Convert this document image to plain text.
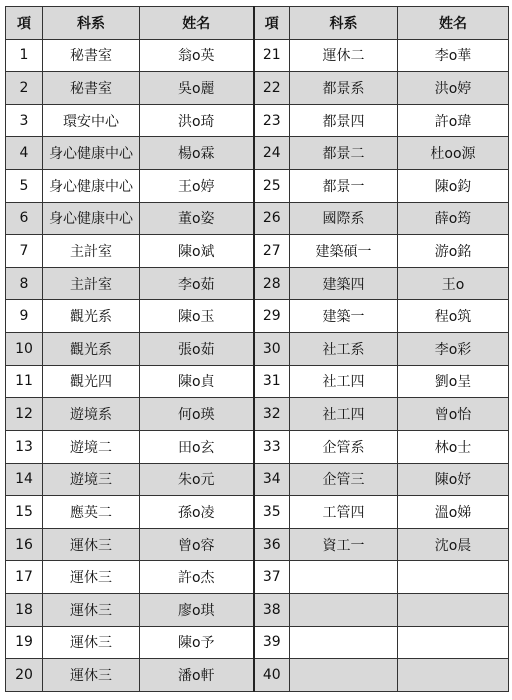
項	科系	姓名	項	科系	姓名
1	秘書室	翁o英	21	運休二	李o華
2	秘書室	吳o麗	22	都景系	洪o婷
3	環安中心	洪o琦	23	都景四	許o瑋
4	身心健康中心	楊o霖	24	都景二	杜oo源
5	身心健康中心	王o婷	25	都景一	陳o鈞
6	身心健康中心	董o姿	26	國際系	薛o筠
7	主計室	陳o斌	27	建築碩一	游o銘
8	主計室	李o茹	28	建築四	王o
9	觀光系	陳o玉	29	建築一	程o筑
10	觀光系	張o茹	30	社工系	李o彩
11	觀光四	陳o貞	31	社工四	劉o呈
12	遊境系	何o瑛	32	社工四	曾o怡
13	遊境二	田o玄	33	企管系	林o士
14	遊境三	朱o元	34	企管三	陳o妤
15	應英二	孫o凌	35	工管四	溫o娣
16	運休三	曾o容	36	資工一	沈o晨
17	運休三	許o杰	37		
18	運休三	廖o琪	38		
19	運休三	陳o予	39		
20	運休三	潘o軒	40		
